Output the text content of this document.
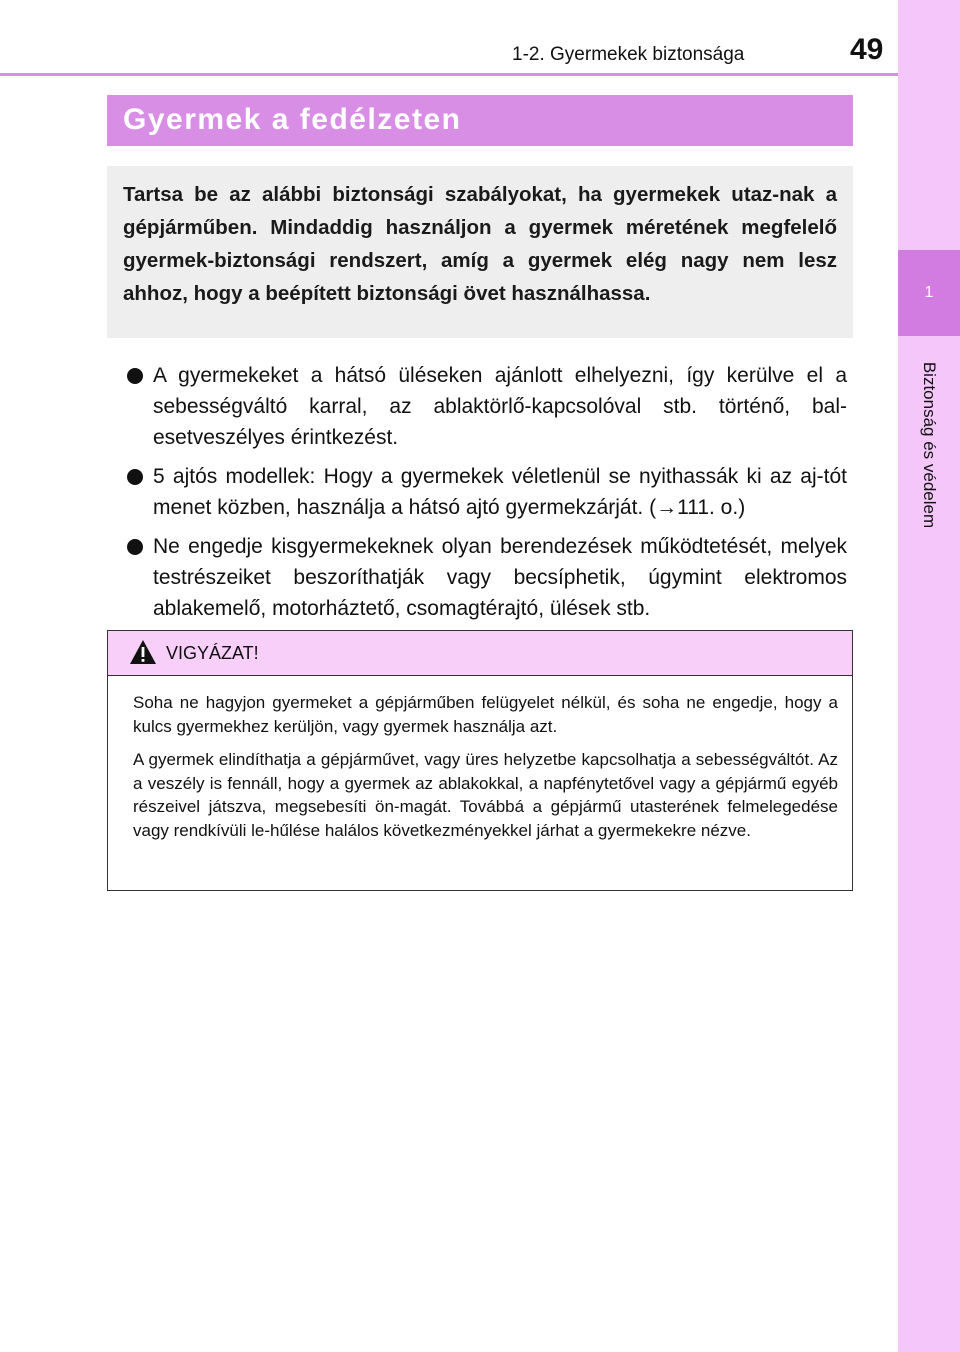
1-2. Gyermekek biztonsága	49
1
Biztonság és védelem
Gyermek a fedélzeten
Tartsa be az alábbi biztonsági szabályokat, ha gyermekek utaz-nak a gépjárműben. Mindaddig használjon a gyermek méretének megfelelő gyermek-biztonsági rendszert, amíg a gyermek elég nagy nem lesz ahhoz, hogy a beépített biztonsági övet használhassa.
A gyermekeket a hátsó üléseken ajánlott elhelyezni, így kerülve el a sebességváltó karral, az ablaktörlő-kapcsolóval stb. történő, bal-esetveszélyes érintkezést.
5 ajtós modellek: Hogy a gyermekek véletlenül se nyithassák ki az aj-tót menet közben, használja a hátsó ajtó gyermekzárját. (→111. o.)
Ne engedje kisgyermekeknek olyan berendezések működtetését, melyek testrészeiket beszoríthatják vagy becsíphetik, úgymint elektromos ablakemelő, motorháztető, csomagtérajtó, ülések stb.
VIGYÁZAT!

Soha ne hagyjon gyermeket a gépjárműben felügyelet nélkül, és soha ne engedje, hogy a kulcs gyermekhez kerüljön, vagy gyermek használja azt.

A gyermek elindíthatja a gépjárművet, vagy üres helyzetbe kapcsolhatja a sebességváltót. Az a veszély is fennáll, hogy a gyermek az ablakokkal, a napfénytetővel vagy a gépjármű egyéb részeivel játszva, megsebesíti ön-magát. Továbbá a gépjármű utasterének felmelegedése vagy rendkívüli le-hűlése halálos következményekkel járhat a gyermekekre nézve.
